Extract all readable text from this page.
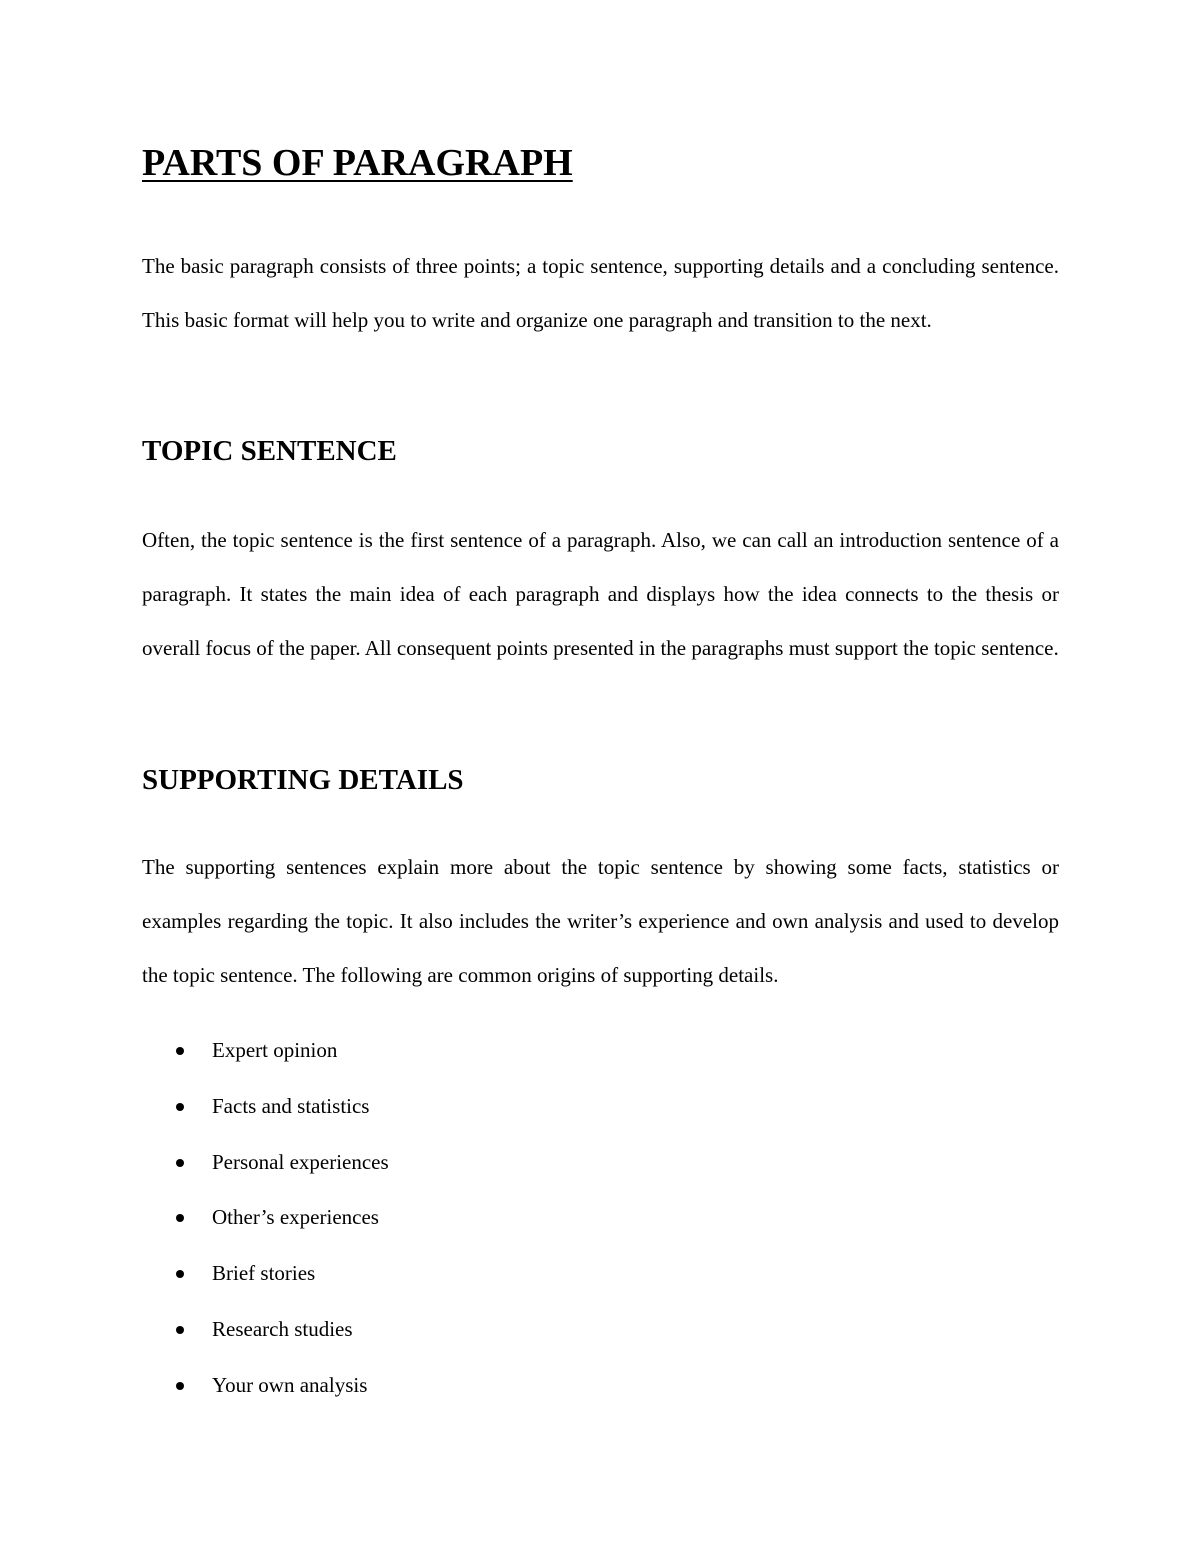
PARTS OF PARAGRAPH

The basic paragraph consists of three points; a topic sentence, supporting details and a concluding sentence. This basic format will help you to write and organize one paragraph and transition to the next.

TOPIC SENTENCE

Often, the topic sentence is the first sentence of a paragraph. Also, we can call an introduction sentence of a paragraph. It states the main idea of each paragraph and displays how the idea connects to the thesis or overall focus of the paper. All consequent points presented in the paragraphs must support the topic sentence.

SUPPORTING DETAILS

The supporting sentences explain more about the topic sentence by showing some facts, statistics or examples regarding the topic. It also includes the writer’s experience and own analysis and used to develop the topic sentence. The following are common origins of supporting details.

Expert opinion
Facts and statistics
Personal experiences
Other’s experiences
Brief stories
Research studies
Your own analysis
